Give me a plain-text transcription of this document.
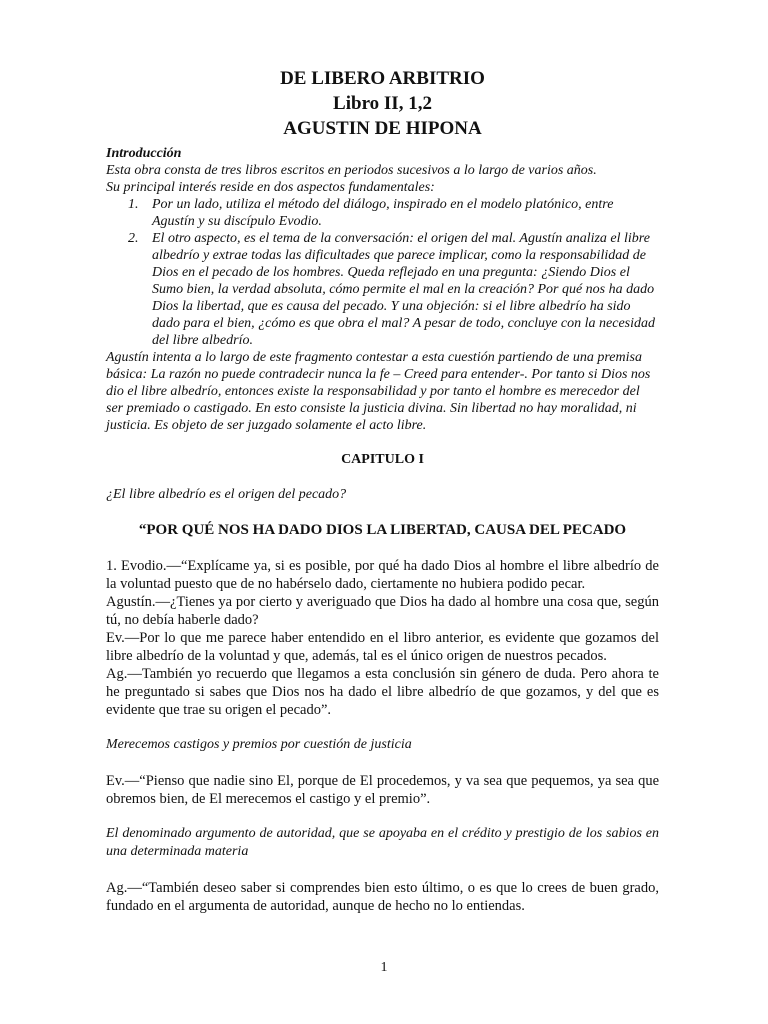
DE LIBERO ARBITRIO
Libro II, 1,2
AGUSTIN DE HIPONA
Introducción
Esta obra consta de tres libros escritos en periodos sucesivos a lo largo de varios años.
Su principal interés reside en dos aspectos fundamentales:
1. Por un lado, utiliza el método del diálogo, inspirado en el modelo platónico, entre Agustín y su discípulo Evodio.
2. El otro aspecto, es el tema de la conversación: el origen del mal. Agustín analiza el libre albedrío y extrae todas las dificultades que parece implicar, como la responsabilidad de Dios en el pecado de los hombres. Queda reflejado en una pregunta: ¿Siendo Dios el Sumo bien, la verdad absoluta, cómo permite el mal en la creación? Por qué nos ha dado Dios la libertad, que es causa del pecado. Y una objeción: si el libre albedrío ha sido dado para el bien, ¿cómo es que obra el mal? A pesar de todo, concluye con la necesidad del libre albedrío.
Agustín intenta a lo largo de este fragmento contestar a esta cuestión partiendo de una premisa básica: La razón no puede contradecir nunca la fe – Creed para entender-. Por tanto si Dios nos dio el libre albedrío, entonces existe la responsabilidad y por tanto el hombre es merecedor del ser premiado o castigado. En esto consiste la justicia divina. Sin libertad no hay moralidad, ni justicia. Es objeto de ser juzgado solamente el acto libre.
CAPITULO I
¿El libre albedrío es el origen del pecado?
“POR QUÉ NOS HA DADO DIOS LA LIBERTAD, CAUSA DEL PECADO

1. Evodio.—“Explícame ya, si es posible, por qué ha dado Dios al hombre el libre albedrío de la voluntad puesto que de no habérselo dado, ciertamente no hubiera podido pecar.

Agustín.—¿Tienes ya por cierto y averiguado que Dios ha dado al hombre una cosa que, según tú, no debía haberle dado?

Ev.—Por lo que me parece haber entendido en el libro anterior, es evidente que gozamos del libre albedrío de la voluntad y que, además, tal es el único origen de nuestros pecados.

Ag.—También yo recuerdo que llegamos a esta conclusión sin género de duda. Pero ahora te he preguntado si sabes que Dios nos ha dado el libre albedrío de que gozamos, y del que es evidente que trae su origen el pecado”.

Merecemos castigos y premios por cuestión de justicia

Ev.—“Pienso que nadie sino El, porque de El procedemos, y va sea que pequemos, ya sea que obremos bien, de El merecemos el castigo y el premio”.

El denominado argumento de autoridad, que se apoyaba en el crédito y prestigio de los sabios en una determinada materia

Ag.—“También deseo saber si comprendes bien esto último, o es que lo crees de buen grado, fundado en el argumenta de autoridad, aunque de hecho no lo entiendas.

1
